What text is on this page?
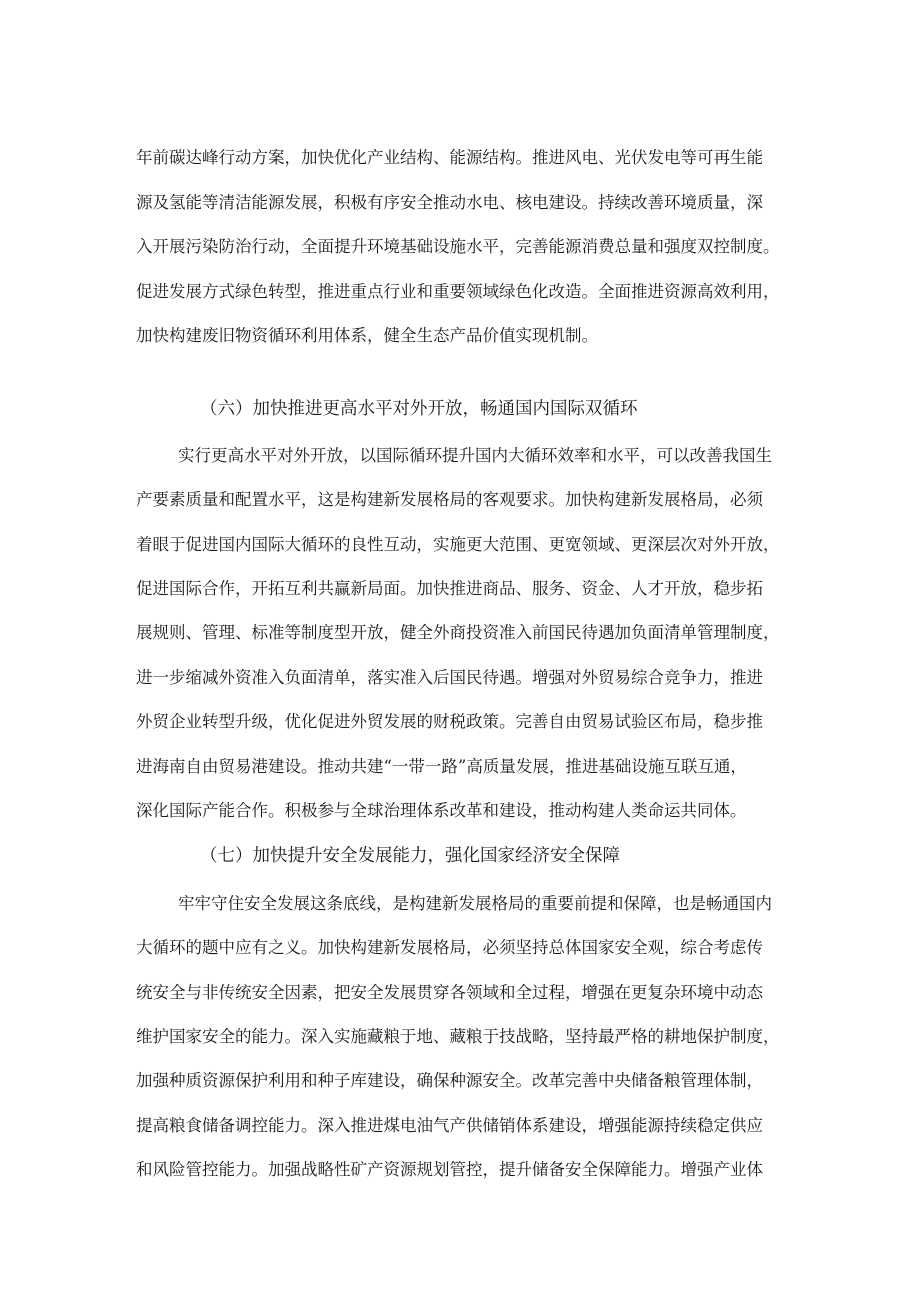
年前碳达峰行动方案，加快优化产业结构、能源结构。推进风电、光伏发电等可再生能
源及氢能等清洁能源发展，积极有序安全推动水电、核电建设。持续改善环境质量，深
入开展污染防治行动，全面提升环境基础设施水平，完善能源消费总量和强度双控制度。
促进发展方式绿色转型，推进重点行业和重要领域绿色化改造。全面推进资源高效利用，
加快构建废旧物资循环利用体系，健全生态产品价值实现机制。
（六）加快推进更高水平对外开放，畅通国内国际双循环
实行更高水平对外开放，以国际循环提升国内大循环效率和水平，可以改善我国生
产要素质量和配置水平，这是构建新发展格局的客观要求。加快构建新发展格局，必须
着眼于促进国内国际大循环的良性互动，实施更大范围、更宽领域、更深层次对外开放，
促进国际合作，开拓互利共赢新局面。加快推进商品、服务、资金、人才开放，稳步拓
展规则、管理、标准等制度型开放，健全外商投资准入前国民待遇加负面清单管理制度，
进一步缩减外资准入负面清单，落实准入后国民待遇。增强对外贸易综合竞争力，推进
外贸企业转型升级，优化促进外贸发展的财税政策。完善自由贸易试验区布局，稳步推
进海南自由贸易港建设。推动共建“一带一路”高质量发展，推进基础设施互联互通，
深化国际产能合作。积极参与全球治理体系改革和建设，推动构建人类命运共同体。
（七）加快提升安全发展能力，强化国家经济安全保障
牢牢守住安全发展这条底线，是构建新发展格局的重要前提和保障，也是畅通国内
大循环的题中应有之义。加快构建新发展格局，必须坚持总体国家安全观，综合考虑传
统安全与非传统安全因素，把安全发展贯穿各领域和全过程，增强在更复杂环境中动态
维护国家安全的能力。深入实施藏粮于地、藏粮于技战略，坚持最严格的耕地保护制度，
加强种质资源保护利用和种子库建设，确保种源安全。改革完善中央储备粮管理体制，
提高粮食储备调控能力。深入推进煤电油气产供储销体系建设，增强能源持续稳定供应
和风险管控能力。加强战略性矿产资源规划管控，提升储备安全保障能力。增强产业体
